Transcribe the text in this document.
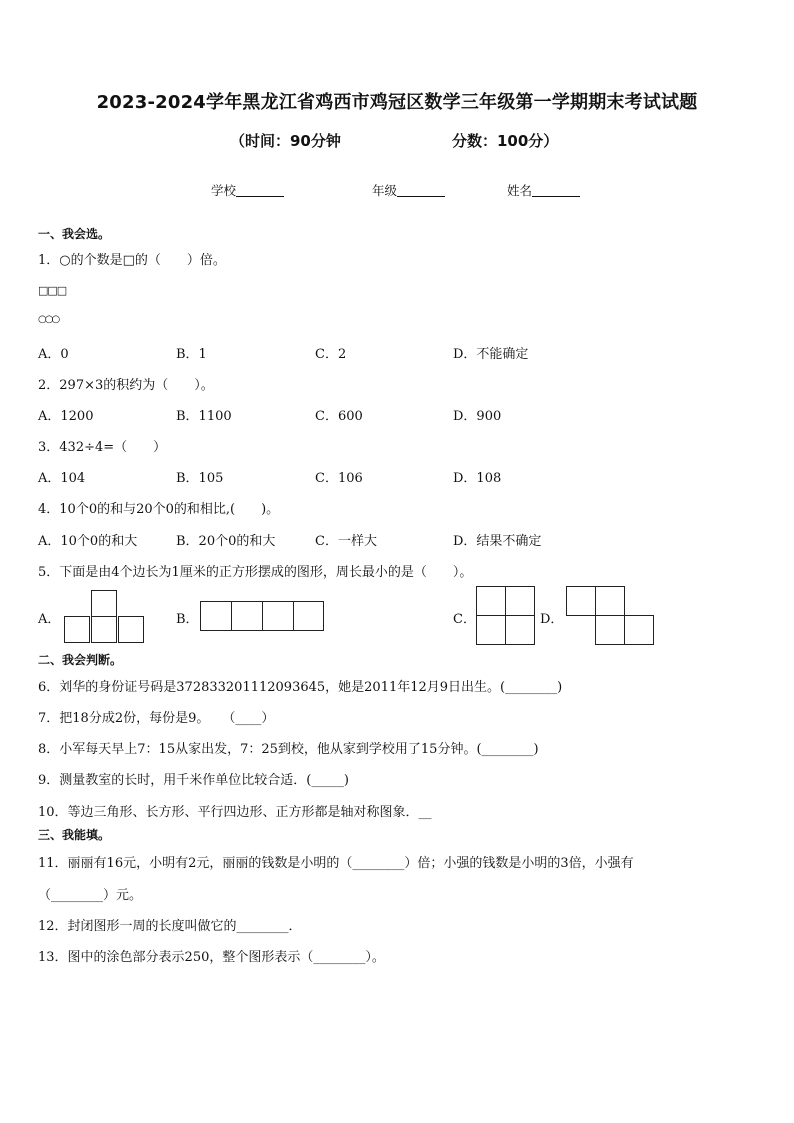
2023-2024学年黑龙江省鸡西市鸡冠区数学三年级第一学期期末考试试题
（时间：90分钟	分数：100分）
学校	年级	姓名
一、我会选。
1．○的个数是□的（　　）倍。
□□□
○○○
A．0	B．1	C．2	D．不能确定
2．297×3的积约为（　　）。
A．1200	B．1100	C．600	D．900
3．432÷4=（　　）
A．104	B．105	C．106	D．108
4．10个0的和与20个0的和相比,(　　)。
A．10个0的和大	B．20个0的和大	C．一样大	D．结果不确定
5．下面是由4个边长为1厘米的正方形摆成的图形，周长最小的是（　　）。
A．	B．	C．	D．
二、我会判断。
6．刘华的身份证号码是372833201112093645，她是2011年12月9日出生。(________)
7．把18分成2份，每份是9。　　（____）
8．小军每天早上7：15从家出发，7：25到校，他从家到学校用了15分钟。(________)
9．测量教室的长时，用千米作单位比较合适．(_____)
10．等边三角形、长方形、平行四边形、正方形都是轴对称图象．__
三、我能填。
11．丽丽有16元，小明有2元，丽丽的钱数是小明的（________）倍；小强的钱数是小明的3倍，小强有
（________）元。
12．封闭图形一周的长度叫做它的________．
13．图中的涂色部分表示250，整个图形表示（________）。
